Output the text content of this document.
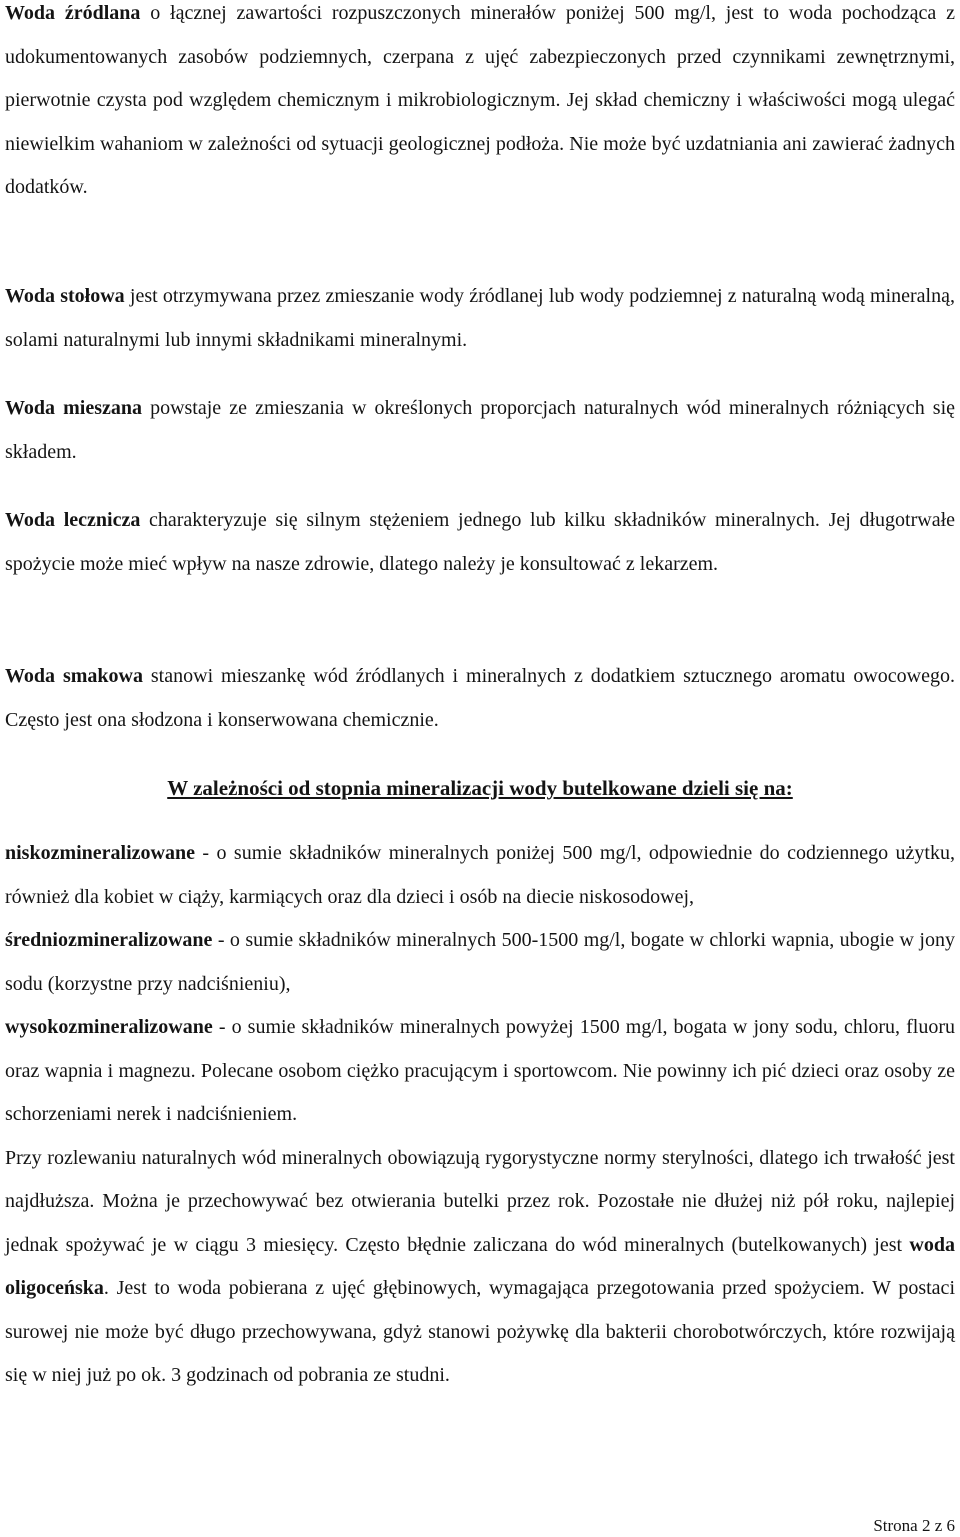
Woda źródlana o łącznej zawartości rozpuszczonych minerałów poniżej 500 mg/l, jest to woda pochodząca z udokumentowanych zasobów podziemnych, czerpana z ujęć zabezpieczonych przed czynnikami zewnętrznymi, pierwotnie czysta pod względem chemicznym i mikrobiologicznym. Jej skład chemiczny i właściwości mogą ulegać niewielkim wahaniom w zależności od sytuacji geologicznej podłoża. Nie może być uzdatniania ani zawierać żadnych dodatków.

Woda stołowa jest otrzymywana przez zmieszanie wody źródlanej lub wody podziemnej z naturalną wodą mineralną, solami naturalnymi lub innymi składnikami mineralnymi.

Woda mieszana powstaje ze zmieszania w określonych proporcjach naturalnych wód mineralnych różniących się składem.

Woda lecznicza charakteryzuje się silnym stężeniem jednego lub kilku składników mineralnych. Jej długotrwałe spożycie może mieć wpływ na nasze zdrowie, dlatego należy je konsultować z lekarzem.

Woda smakowa stanowi mieszankę wód źródlanych i mineralnych z dodatkiem sztucznego aromatu owocowego. Często jest ona słodzona i konserwowana chemicznie.

W zależności od stopnia mineralizacji wody butelkowane dzieli się na:

niskozmineralizowane - o sumie składników mineralnych poniżej 500 mg/l, odpowiednie do codziennego użytku, również dla kobiet w ciąży, karmiących oraz dla dzieci i osób na diecie niskosodowej,
średniozmineralizowane - o sumie składników mineralnych 500-1500 mg/l, bogate w chlorki wapnia, ubogie w jony sodu (korzystne przy nadciśnieniu),
wysokozmineralizowane - o sumie składników mineralnych powyżej 1500 mg/l, bogata w jony sodu, chloru, fluoru oraz wapnia i magnezu. Polecane osobom ciężko pracującym i sportowcom. Nie powinny ich pić dzieci oraz osoby ze schorzeniami nerek i nadciśnieniem.
Przy rozlewaniu naturalnych wód mineralnych obowiązują rygorystyczne normy sterylności, dlatego ich trwałość jest najdłuższa. Można je przechowywać bez otwierania butelki przez rok. Pozostałe nie dłużej niż pół roku, najlepiej jednak spożywać je w ciągu 3 miesięcy. Często błędnie zaliczana do wód mineralnych (butelkowanych) jest woda oligoceńska. Jest to woda pobierana z ujęć głębinowych, wymagająca przegotowania przed spożyciem. W postaci surowej nie może być długo przechowywana, gdyż stanowi pożywkę dla bakterii chorobotwórczych, które rozwijają się w niej już po ok. 3 godzinach od pobrania ze studni.

Strona 2 z 6
